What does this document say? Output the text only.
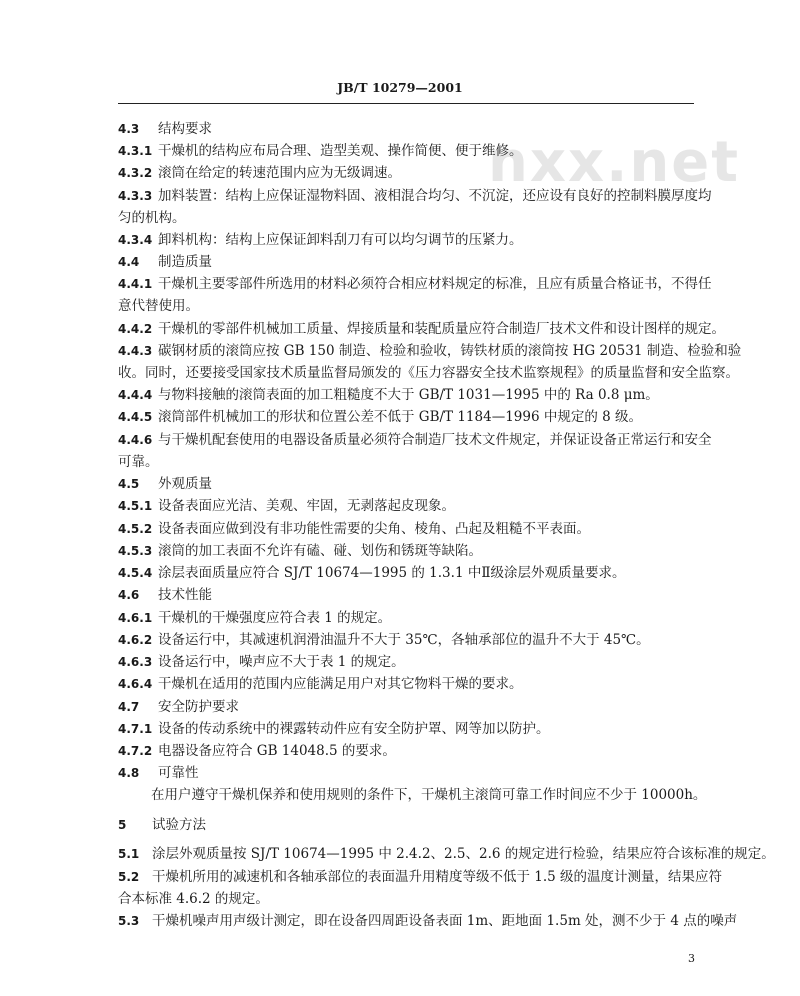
JB/T 10279—2001
nxx.net
4.3 结构要求
4.3.1 干燥机的结构应布局合理、造型美观、操作简便、便于维修。
4.3.2 滚筒在给定的转速范围内应为无级调速。
4.3.3 加料装置：结构上应保证湿物料固、液相混合均匀、不沉淀，还应设有良好的控制料膜厚度均
匀的机构。
4.3.4 卸料机构：结构上应保证卸料刮刀有可以均匀调节的压紧力。
4.4 制造质量
4.4.1 干燥机主要零部件所选用的材料必须符合相应材料规定的标准，且应有质量合格证书，不得任
意代替使用。
4.4.2 干燥机的零部件机械加工质量、焊接质量和装配质量应符合制造厂技术文件和设计图样的规定。
4.4.3 碳钢材质的滚筒应按 GB 150 制造、检验和验收，铸铁材质的滚筒按 HG 20531 制造、检验和验
收。同时，还要接受国家技术质量监督局颁发的《压力容器安全技术监察规程》的质量监督和安全监察。
4.4.4 与物料接触的滚筒表面的加工粗糙度不大于 GB/T 1031—1995 中的 Ra 0.8 μm。
4.4.5 滚筒部件机械加工的形状和位置公差不低于 GB/T 1184—1996 中规定的 8 级。
4.4.6 与干燥机配套使用的电器设备质量必须符合制造厂技术文件规定，并保证设备正常运行和安全
可靠。
4.5 外观质量
4.5.1 设备表面应光洁、美观、牢固，无剥落起皮现象。
4.5.2 设备表面应做到没有非功能性需要的尖角、棱角、凸起及粗糙不平表面。
4.5.3 滚筒的加工表面不允许有磕、碰、划伤和锈斑等缺陷。
4.5.4 涂层表面质量应符合 SJ/T 10674—1995 的 1.3.1 中Ⅱ级涂层外观质量要求。
4.6 技术性能
4.6.1 干燥机的干燥强度应符合表 1 的规定。
4.6.2 设备运行中，其减速机润滑油温升不大于 35℃，各轴承部位的温升不大于 45℃。
4.6.3 设备运行中，噪声应不大于表 1 的规定。
4.6.4 干燥机在适用的范围内应能满足用户对其它物料干燥的要求。
4.7 安全防护要求
4.7.1 设备的传动系统中的裸露转动件应有安全防护罩、网等加以防护。
4.7.2 电器设备应符合 GB 14048.5 的要求。
4.8 可靠性
在用户遵守干燥机保养和使用规则的条件下，干燥机主滚筒可靠工作时间应不少于 10000h。
5 试验方法
5.1 涂层外观质量按 SJ/T 10674—1995 中 2.4.2、2.5、2.6 的规定进行检验，结果应符合该标准的规定。
5.2 干燥机所用的减速机和各轴承部位的表面温升用精度等级不低于 1.5 级的温度计测量，结果应符
合本标准 4.6.2 的规定。
5.3 干燥机噪声用声级计测定，即在设备四周距设备表面 1m、距地面 1.5m 处，测不少于 4 点的噪声
3
